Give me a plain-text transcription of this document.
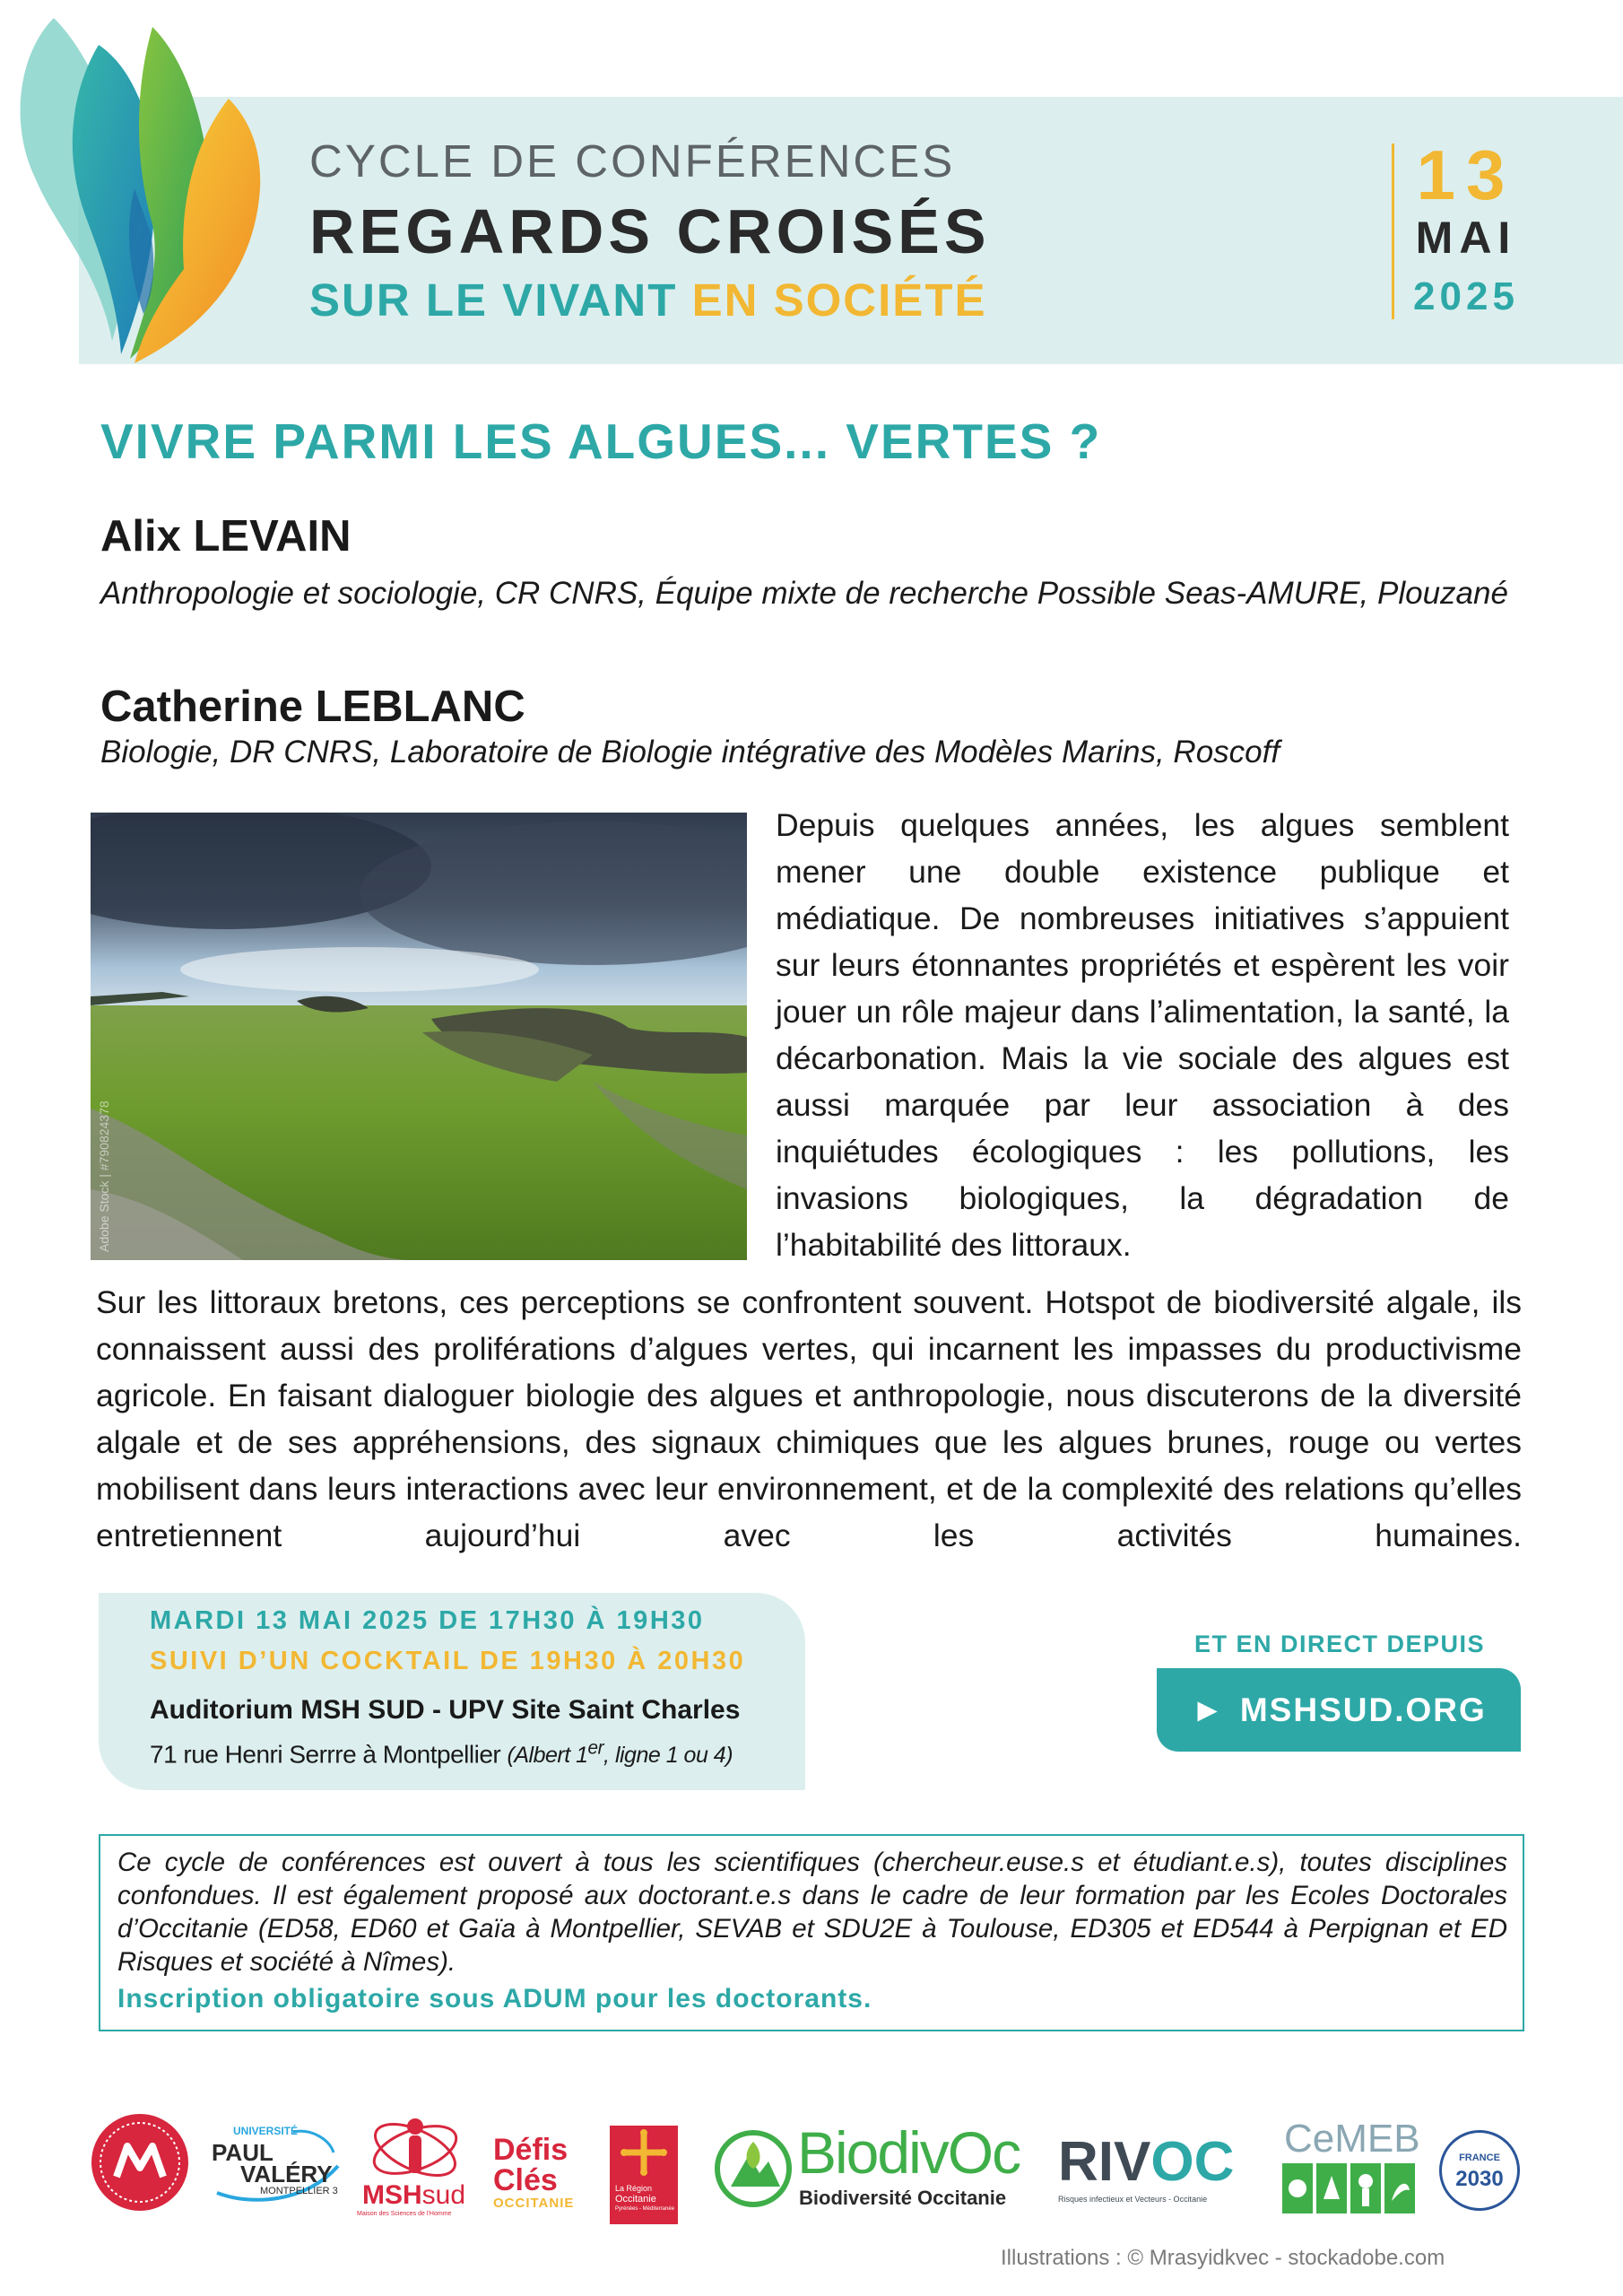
CYCLE DE CONFÉRENCES
REGARDS CROISÉS
SUR LE VIVANT EN SOCIÉTÉ
13
MAI
2025
VIVRE PARMI LES ALGUES... VERTES ?
Alix LEVAIN
Anthropologie et sociologie, CR CNRS, Équipe mixte de recherche Possible Seas-AMURE, Plouzané
Catherine LEBLANC
Biologie, DR CNRS, Laboratoire de Biologie intégrative des Modèles Marins, Roscoff
Adobe Stock | #790824378
Depuis quelques années, les algues semblent mener une double existence publique et médiatique. De nombreuses initiatives s’appuient sur leurs étonnantes propriétés et espèrent les voir jouer un rôle majeur dans l’alimentation, la santé, la décarbonation. Mais la vie sociale des algues est aussi marquée par leur association à des inquiétudes écologiques : les pollutions, les invasions biologiques, la dégradation de l’habitabilité des littoraux.
Sur les littoraux bretons, ces perceptions se confrontent souvent. Hotspot de biodiversité algale, ils connaissent aussi des proliférations d’algues vertes, qui incarnent les impasses du productivisme agricole. En faisant dialoguer biologie des algues et anthropologie, nous discuterons de la diversité algale et de ses appréhensions, des signaux chimiques que les algues brunes, rouge ou vertes mobilisent dans leurs interactions avec leur environnement, et de la complexité des relations qu’elles entretiennent aujourd’hui avec les activités humaines.
MARDI 13 MAI 2025 DE 17H30 À 19H30
SUIVI D’UN COCKTAIL DE 19H30 À 20H30
Auditorium MSH SUD - UPV Site Saint Charles
71 rue Henri Serrre à Montpellier (Albert 1er, ligne 1 ou 4)
ET EN DIRECT DEPUIS
► MSHSUD.ORG
Ce cycle de conférences est ouvert à tous les scientifiques (chercheur.euse.s et étudiant.e.s), toutes disciplines confondues. Il est également proposé aux doctorant.e.s dans le cadre de leur formation par les Ecoles Doctorales d’Occitanie (ED58, ED60 et Gaïa à Montpellier, SEVAB et SDU2E à Toulouse, ED305 et ED544 à Perpignan et ED Risques et société à Nîmes).
Inscription obligatoire sous ADUM pour les doctorants.
UNIVERSITÉ
PAUL
VALÉRY
MONTPELLIER 3 MSHsud
Maison des Sciences de l’Homme
Défis
Clés
OCCITANIE
La Région
Occitanie
Pyrénées - Méditerranée
BiodivOc
Biodiversité Occitanie
RIVOC
Risques infectieux et Vecteurs - Occitanie
CeMEB	FRANCE
2030
Illustrations : © Mrasyidkvec - stockadobe.com
